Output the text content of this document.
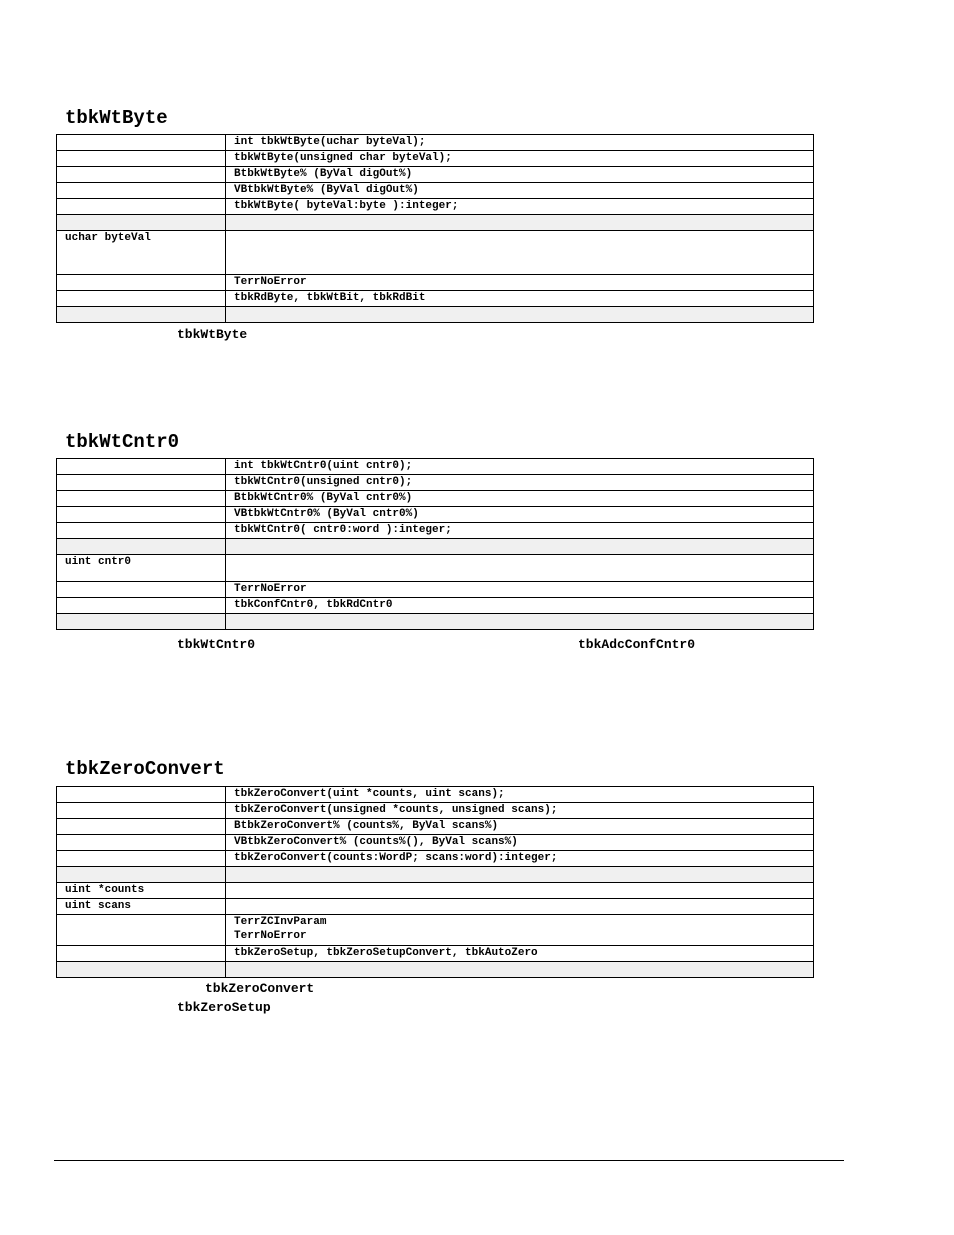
tbkWtByte
	int tbkWtByte(uchar byteVal);
	tbkWtByte(unsigned char byteVal);
	BtbkWtByte% (ByVal digOut%)
	VBtbkWtByte% (ByVal digOut%)
	tbkWtByte( byteVal:byte ):integer;

uchar byteVal	
	TerrNoError
	tbkRdByte, tbkWtBit, tbkRdBit

tbkWtByte

tbkWtCntr0
	int tbkWtCntr0(uint cntr0);
	tbkWtCntr0(unsigned cntr0);
	BtbkWtCntr0% (ByVal cntr0%)
	VBtbkWtCntr0% (ByVal cntr0%)
	tbkWtCntr0( cntr0:word ):integer;

uint cntr0	
	TerrNoError
	tbkConfCntr0, tbkRdCntr0

tbkWtCntr0	tbkAdcConfCntr0

tbkZeroConvert
	tbkZeroConvert(uint *counts, uint scans);
	tbkZeroConvert(unsigned *counts, unsigned scans);
	BtbkZeroConvert% (counts%, ByVal scans%)
	VBtbkZeroConvert% (counts%(), ByVal scans%)
	tbkZeroConvert(counts:WordP; scans:word):integer;

uint *counts	
uint scans	

	TerrZCInvParam
TerrNoError

	tbkZeroSetup, tbkZeroSetupConvert, tbkAutoZero

tbkZeroConvert

tbkZeroSetup
